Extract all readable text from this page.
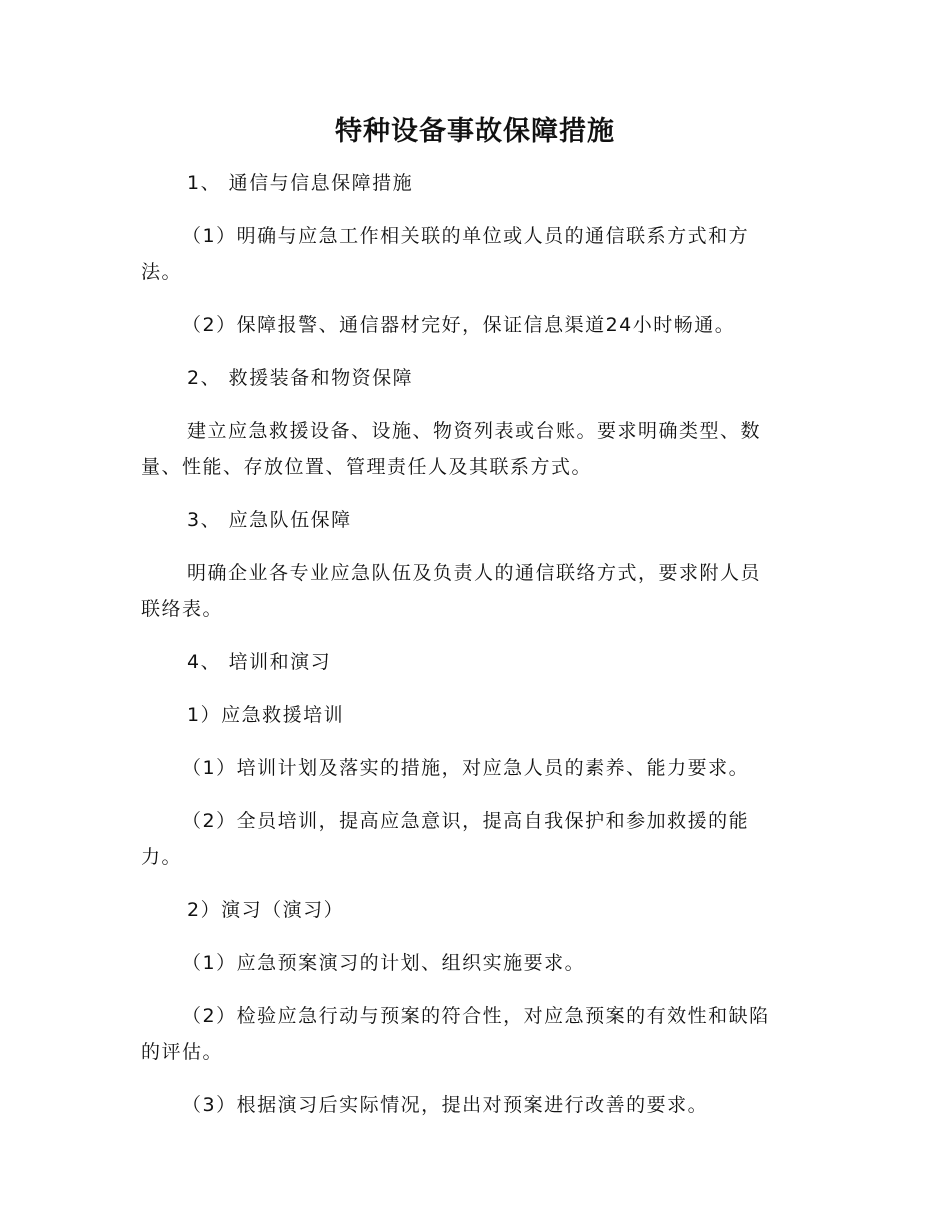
特种设备事故保障措施
1、 通信与信息保障措施
（1）明确与应急工作相关联的单位或人员的通信联系方式和方
法。
（2）保障报警、通信器材完好，保证信息渠道24小时畅通。
2、 救援装备和物资保障
建立应急救援设备、设施、物资列表或台账。要求明确类型、数
量、性能、存放位置、管理责任人及其联系方式。
3、 应急队伍保障
明确企业各专业应急队伍及负责人的通信联络方式，要求附人员
联络表。
4、 培训和演习
1）应急救援培训
（1）培训计划及落实的措施，对应急人员的素养、能力要求。
（2）全员培训，提高应急意识，提高自我保护和参加救援的能
力。
2）演习（演习）
（1）应急预案演习的计划、组织实施要求。
（2）检验应急行动与预案的符合性，对应急预案的有效性和缺陷
的评估。
（3）根据演习后实际情况，提出对预案进行改善的要求。
